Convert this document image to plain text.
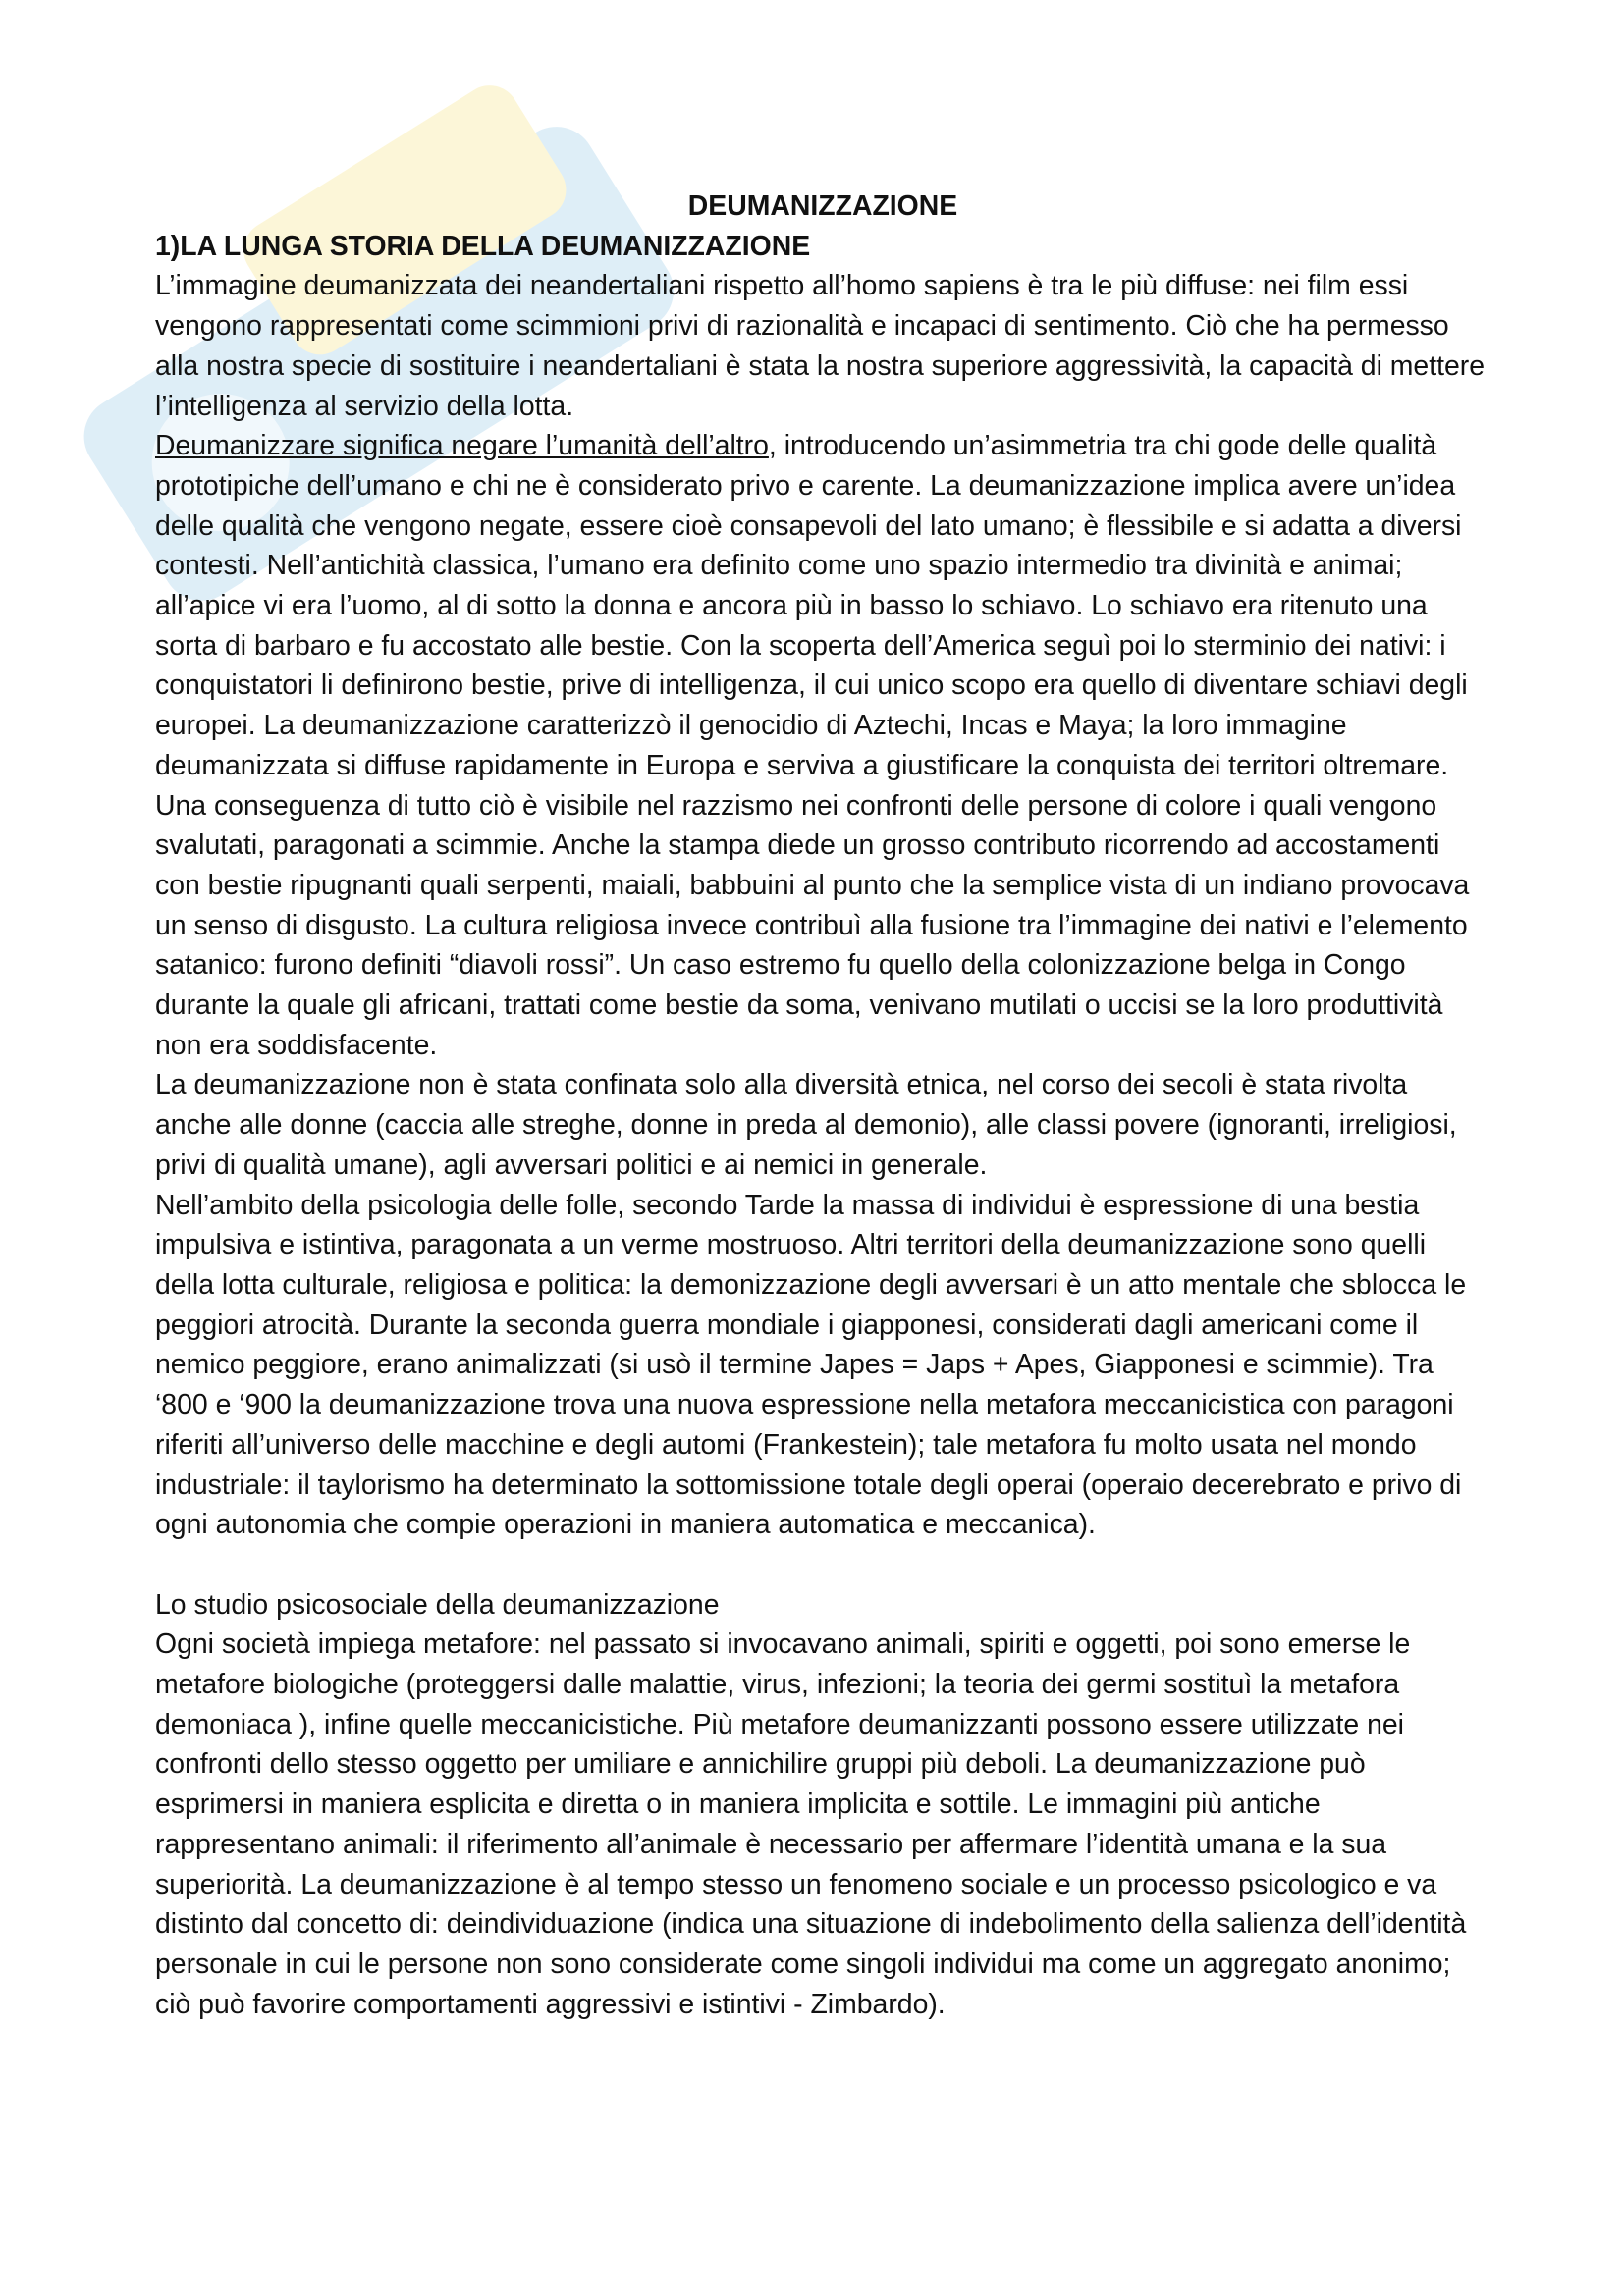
DEUMANIZZAZIONE

1)LA LUNGA STORIA DELLA DEUMANIZZAZIONE

L’immagine deumanizzata dei neandertaliani rispetto all’homo sapiens è tra le più diffuse: nei film essi vengono rappresentati come scimmioni privi di razionalità e incapaci di sentimento. Ciò che ha permesso alla nostra specie di sostituire i neandertaliani è stata la nostra superiore aggressività, la capacità di mettere l’intelligenza al servizio della lotta.

Deumanizzare significa negare l’umanità dell’altro, introducendo un’asimmetria tra chi gode delle qualità prototipiche dell’umano e chi ne è considerato privo e carente. La deumanizzazione implica avere un’idea delle qualità che vengono negate, essere cioè consapevoli del lato umano; è flessibile e si adatta a diversi contesti. Nell’antichità classica, l’umano era definito come uno spazio intermedio tra divinità e animai; all’apice vi era l’uomo, al di sotto la donna e ancora più in basso lo schiavo. Lo schiavo era ritenuto una sorta di barbaro e fu accostato alle bestie. Con la scoperta dell’America seguì poi lo sterminio dei nativi: i conquistatori li definirono bestie, prive di intelligenza, il cui unico scopo era quello di diventare schiavi degli europei. La deumanizzazione caratterizzò il genocidio di Aztechi, Incas e Maya; la loro immagine deumanizzata si diffuse rapidamente in Europa e serviva a giustificare la conquista dei territori oltremare. Una conseguenza di tutto ciò è visibile nel razzismo nei confronti delle persone di colore i quali vengono svalutati, paragonati a scimmie. Anche la stampa diede un grosso contributo ricorrendo ad accostamenti con bestie ripugnanti quali serpenti, maiali, babbuini al punto che la semplice vista di un indiano provocava un senso di disgusto. La cultura religiosa invece contribuì alla fusione tra l’immagine dei nativi e l’elemento satanico: furono definiti “diavoli rossi”. Un caso estremo fu quello della colonizzazione belga in Congo durante la quale gli africani, trattati come bestie da soma, venivano mutilati o uccisi se la loro produttività non era soddisfacente.

La deumanizzazione non è stata confinata solo alla diversità etnica, nel corso dei secoli è stata rivolta anche alle donne (caccia alle streghe, donne in preda al demonio), alle classi povere (ignoranti, irreligiosi, privi di qualità umane), agli avversari politici e ai nemici in generale.

Nell’ambito della psicologia delle folle, secondo Tarde la massa di individui è espressione di una bestia impulsiva e istintiva, paragonata a un verme mostruoso. Altri territori della deumanizzazione sono quelli della lotta culturale, religiosa e politica: la demonizzazione degli avversari è un atto mentale che sblocca le peggiori atrocità. Durante la seconda guerra mondiale i giapponesi, considerati dagli americani come il nemico peggiore, erano animalizzati (si usò il termine Japes = Japs + Apes, Giapponesi e scimmie). Tra ‘800 e ‘900 la deumanizzazione trova una nuova espressione nella metafora meccanicistica con paragoni riferiti all’universo delle macchine e degli automi (Frankestein); tale metafora fu molto usata nel mondo industriale: il taylorismo ha determinato la sottomissione totale degli operai (operaio decerebrato e privo di ogni autonomia che compie operazioni in maniera automatica e meccanica).

Lo studio psicosociale della deumanizzazione

Ogni società impiega metafore: nel passato si invocavano animali, spiriti e oggetti, poi sono emerse le metafore biologiche (proteggersi dalle malattie, virus, infezioni; la teoria dei germi sostituì la metafora demoniaca ), infine quelle meccanicistiche. Più metafore deumanizzanti possono essere utilizzate nei confronti dello stesso oggetto per umiliare e annichilire gruppi più deboli. La deumanizzazione può esprimersi in maniera esplicita e diretta o in maniera implicita e sottile. Le immagini più antiche rappresentano animali: il riferimento all’animale è necessario per affermare l’identità umana e la sua superiorità. La deumanizzazione è al tempo stesso un fenomeno sociale e un processo psicologico e va distinto dal concetto di: deindividuazione (indica una situazione di indebolimento della salienza dell’identità personale in cui le persone non sono considerate come singoli individui ma come un aggregato anonimo; ciò può favorire comportamenti aggressivi e istintivi - Zimbardo).
